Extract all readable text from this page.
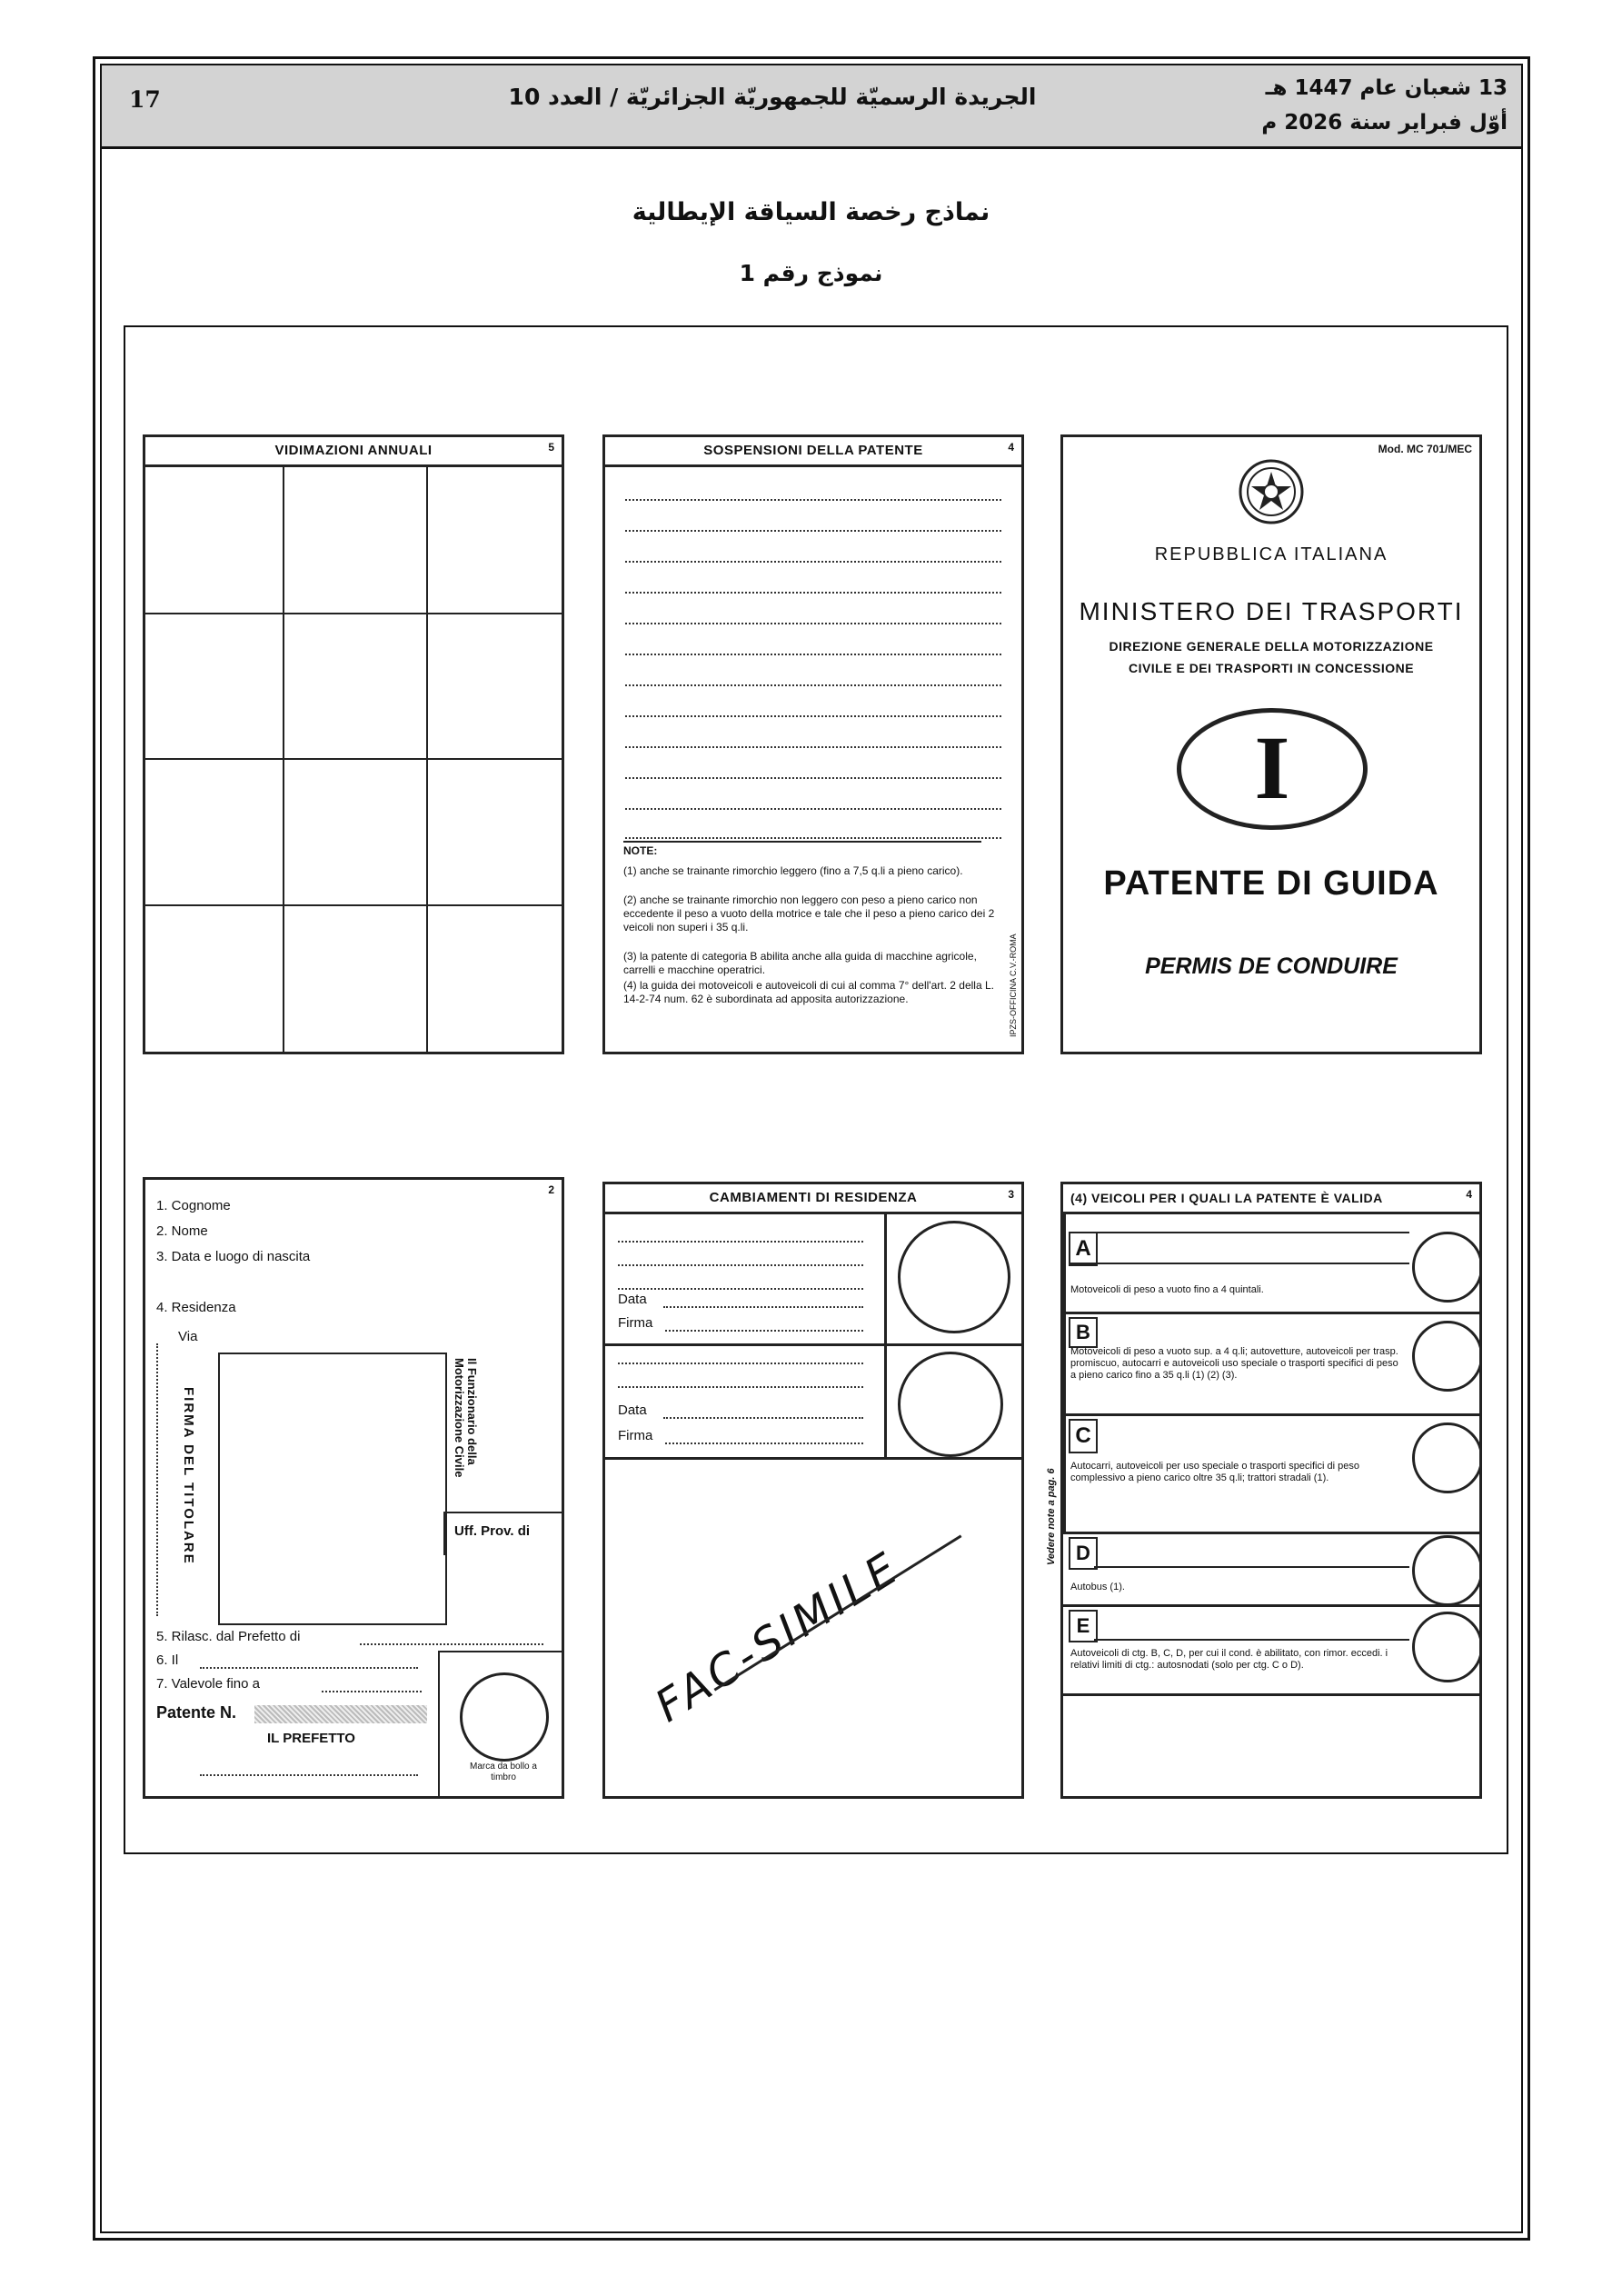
17	الجريدة الرسميّة للجمهوريّة الجزائريّة / العدد 10	13 شعبان عام 1447 هـ
أوّل فبراير سنة 2026 م
نماذج رخصة السياقة الإيطالية
نموذج رقم 1
VIDIMAZIONI ANNUALI	5	SOSPENSIONI DELLA PATENTE	4
NOTE:
(1) anche se trainante rimorchio leggero (fino a 7,5 q.li a pieno carico).
(2) anche se trainante rimorchio non leggero con peso a pieno carico non eccedente il peso a vuoto della motrice e tale che il peso a pieno carico dei 2 veicoli non superi i 35 q.li.
(3) la patente di categoria B abilita anche alla guida di macchine agricole, carrelli e macchine operatrici.
(4) la guida dei motoveicoli e autoveicoli di cui al comma 7° dell'art. 2 della L. 14-2-74 num. 62 è subordinata ad apposita autorizzazione.	IPZS-OFFICINA C.V.-ROMA
Mod. MC 701/MEC
REPUBBLICA ITALIANA
MINISTERO DEI TRASPORTI
DIREZIONE GENERALE DELLA MOTORIZZAZIONE
CIVILE E DEI TRASPORTI IN CONCESSIONE
I
PATENTE DI GUIDA
PERMIS DE CONDUIRE
2
1. Cognome
2. Nome
3. Data e luogo di nascita
4. Residenza
Via
FIRMA DEL TITOLARE	Il Funzionario della Motorizzazione Civile
Uff. Prov. di
5. Rilasc. dal Prefetto di
6. Il
7. Valevole fino a
Patente N.
IL PREFETTO
Marca da bollo a timbro
CAMBIAMENTI DI RESIDENZA	3
Data
Firma
Data
Firma
FAC-SIMILE
(4) VEICOLI PER I QUALI LA PATENTE È VALIDA	4
A
Motoveicoli di peso a vuoto fino a 4 quintali.
B
Motoveicoli di peso a vuoto sup. a 4 q.li; autovetture, autoveicoli per trasp. promiscuo, autocarri e autoveicoli uso speciale o trasporti specifici di peso a pieno carico fino a 35 q.li (1) (2) (3).
C
Autocarri, autoveicoli per uso speciale o trasporti specifici di peso complessivo a pieno carico oltre 35 q.li; trattori stradali (1).
D
Autobus (1).
E
Autoveicoli di ctg. B, C, D, per cui il cond. è abilitato, con rimor. eccedi. i relativi limiti di ctg.: autosnodati (solo per ctg. C o D).
Vedere note a pag. 6
